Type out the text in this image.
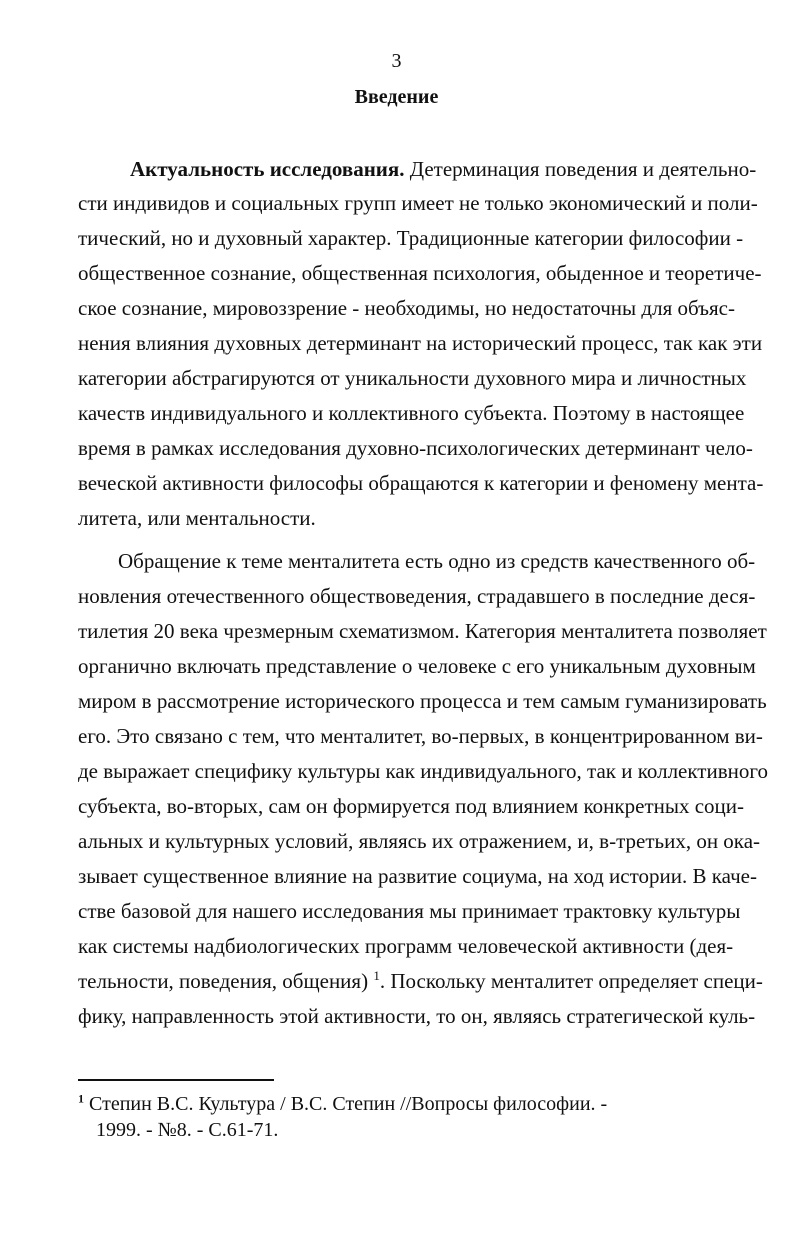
3
Введение
Актуальность исследования. Детерминация поведения и деятельно-
сти индивидов и социальных групп имеет не только экономический и поли-
тический, но и духовный характер. Традиционные категории философии -
общественное сознание, общественная психология, обыденное и теоретиче-
ское сознание, мировоззрение - необходимы, но недостаточны для объяс-
нения влияния духовных детерминант на исторический процесс, так как эти
категории абстрагируются от уникальности духовного мира и личностных
качеств индивидуального и коллективного субъекта. Поэтому в настоящее
время в рамках исследования духовно-психологических детерминант чело-
веческой активности философы обращаются к категории и феномену мента-
литета, или ментальности.
Обращение к теме менталитета есть одно из средств качественного об-
новления отечественного обществоведения, страдавшего в последние деся-
тилетия 20 века чрезмерным схематизмом. Категория менталитета позволяет
органично включать представление о человеке с его уникальным духовным
миром в рассмотрение исторического процесса и тем самым гуманизировать
его. Это связано с тем, что менталитет, во-первых, в концентрированном ви-
де выражает специфику культуры как индивидуального, так и коллективного
субъекта, во-вторых, сам он формируется под влиянием конкретных соци-
альных и культурных условий, являясь их отражением, и, в-третьих, он ока-
зывает существенное влияние на развитие социума, на ход истории. В каче-
стве базовой для нашего исследования мы принимает трактовку культуры
как системы надбиологических программ человеческой активности (дея-
тельности, поведения, общения) $^1$. Поскольку менталитет определяет специ-
фику, направленность этой активности, то он, являясь стратегической куль-
$^1$ Степин В.С. Культура / В.С. Степин //Вопросы философии. -
1999. - №8. - С.61-71.
